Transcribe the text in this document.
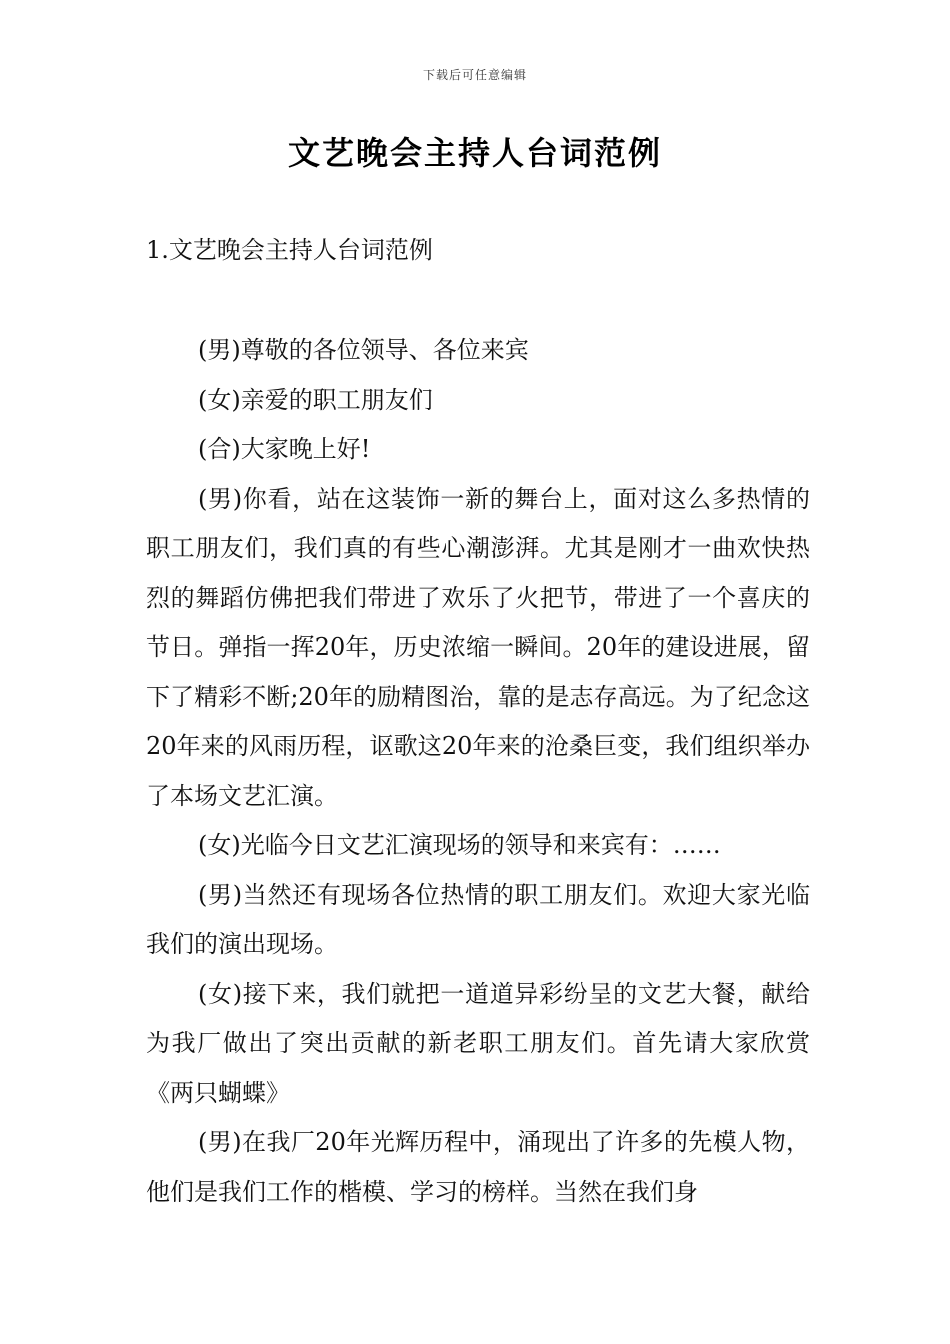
下载后可任意编辑
文艺晚会主持人台词范例
1.文艺晚会主持人台词范例

(男)尊敬的各位领导、各位来宾

(女)亲爱的职工朋友们

(合)大家晚上好!

(男)你看，站在这装饰一新的舞台上，面对这么多热情的职工朋友们，我们真的有些心潮澎湃。尤其是刚才一曲欢快热烈的舞蹈仿佛把我们带进了欢乐了火把节，带进了一个喜庆的节日。弹指一挥20年，历史浓缩一瞬间。20年的建设进展，留下了精彩不断;20年的励精图治，靠的是志存高远。为了纪念这20年来的风雨历程，讴歌这20年来的沧桑巨变，我们组织举办了本场文艺汇演。

(女)光临今日文艺汇演现场的领导和来宾有：……

(男)当然还有现场各位热情的职工朋友们。欢迎大家光临我们的演出现场。

(女)接下来，我们就把一道道异彩纷呈的文艺大餐，献给为我厂做出了突出贡献的新老职工朋友们。首先请大家欣赏《两只蝴蝶》

(男)在我厂20年光辉历程中，涌现出了许多的先模人物，他们是我们工作的楷模、学习的榜样。当然在我们身
